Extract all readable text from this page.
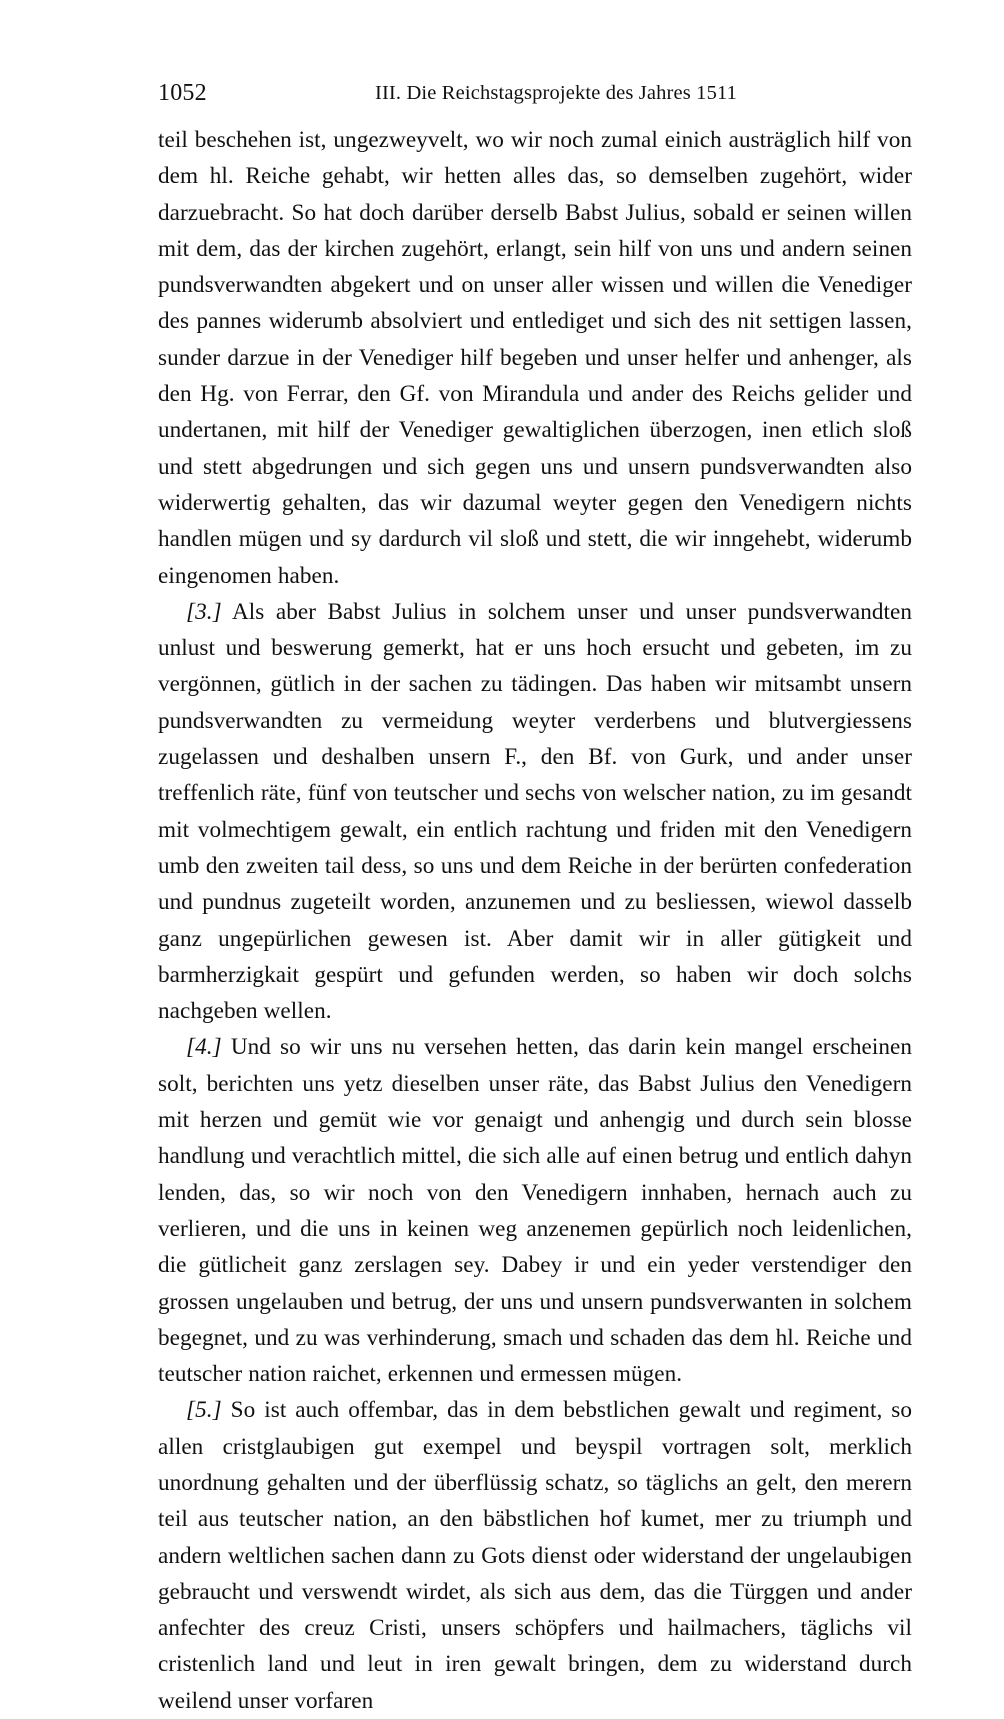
1052	III. Die Reichstagsprojekte des Jahres 1511

teil beschehen ist, ungezweyvelt, wo wir noch zumal einich austräglich hilf von dem hl. Reiche gehabt, wir hetten alles das, so demselben zugehört, wider darzuebracht. So hat doch darüber derselb Babst Julius, sobald er seinen willen mit dem, das der kirchen zugehört, erlangt, sein hilf von uns und andern seinen pundsverwandten abgekert und on unser aller wissen und willen die Venediger des pannes widerumb absolviert und entlediget und sich des nit settigen lassen, sunder darzue in der Venediger hilf begeben und unser helfer und anhenger, als den Hg. von Ferrar, den Gf. von Mirandula und ander des Reichs gelider und undertanen, mit hilf der Venediger gewaltiglichen überzogen, inen etlich sloß und stett abgedrungen und sich gegen uns und unsern pundsverwandten also widerwertig gehalten, das wir dazumal weyter gegen den Venedigern nichts handlen mügen und sy dardurch vil sloß und stett, die wir inngehebt, widerumb eingenomen haben.

[3.] Als aber Babst Julius in solchem unser und unser pundsverwandten unlust und beswerung gemerkt, hat er uns hoch ersucht und gebeten, im zu vergönnen, gütlich in der sachen zu tädingen. Das haben wir mitsambt unsern pundsverwandten zu vermeidung weyter verderbens und blutvergiessens zugelassen und deshalben unsern F., den Bf. von Gurk, und ander unser treffenlich räte, fünf von teutscher und sechs von welscher nation, zu im gesandt mit volmechtigem gewalt, ein entlich rachtung und friden mit den Venedigern umb den zweiten tail dess, so uns und dem Reiche in der berürten confederation und pundnus zugeteilt worden, anzunemen und zu besliessen, wiewol dasselb ganz ungepürlichen gewesen ist. Aber damit wir in aller gütigkeit und barmherzigkait gespürt und gefunden werden, so haben wir doch solchs nachgeben wellen.

[4.] Und so wir uns nu versehen hetten, das darin kein mangel erscheinen solt, berichten uns yetz dieselben unser räte, das Babst Julius den Venedigern mit herzen und gemüt wie vor genaigt und anhengig und durch sein blosse handlung und verachtlich mittel, die sich alle auf einen betrug und entlich dahyn lenden, das, so wir noch von den Venedigern innhaben, hernach auch zu verlieren, und die uns in keinen weg anzenemen gepürlich noch leidenlichen, die gütlicheit ganz zerslagen sey. Dabey ir und ein yeder verstendiger den grossen ungelauben und betrug, der uns und unsern pundsverwanten in solchem begegnet, und zu was verhinderung, smach und schaden das dem hl. Reiche und teutscher nation raichet, erkennen und ermessen mügen.

[5.] So ist auch offembar, das in dem bebstlichen gewalt und regiment, so allen cristglaubigen gut exempel und beyspil vortragen solt, merklich unordnung gehalten und der überflüssig schatz, so täglichs an gelt, den merern teil aus teutscher nation, an den bäbstlichen hof kumet, mer zu triumph und andern weltlichen sachen dann zu Gots dienst oder widerstand der ungelaubigen gebraucht und verswendt wirdet, als sich aus dem, das die Türggen und ander anfechter des creuz Cristi, unsers schöpfers und hailmachers, täglichs vil cristenlich land und leut in iren gewalt bringen, dem zu widerstand durch weilend unser vorfaren
